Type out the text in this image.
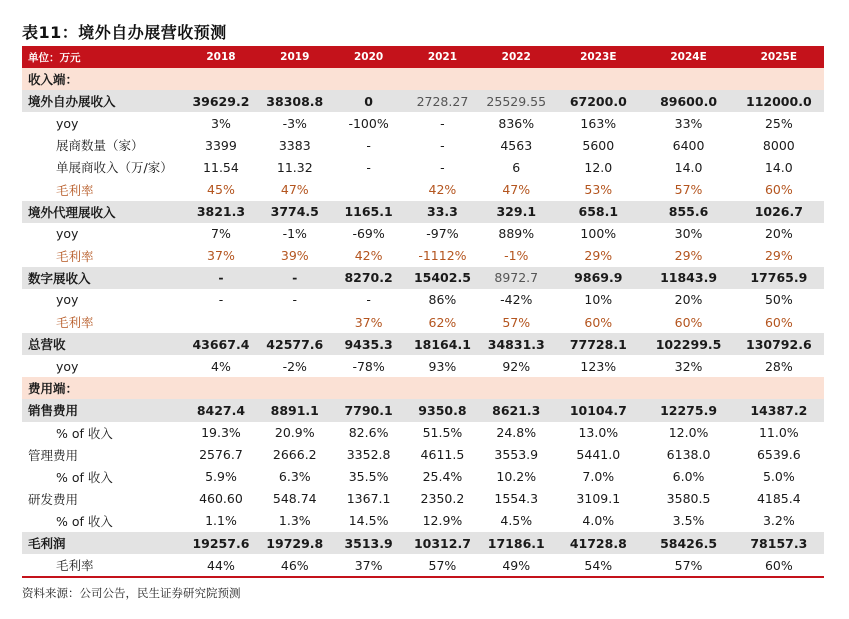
表11：境外自办展营收预测
单位：万元	2018	2019	2020	2021	2022	2023E	2024E	2025E
收入端：								
境外自办展收入	39629.2	38308.8	0	2728.27	25529.55	67200.0	89600.0	112000.0
yoy	3%	-3%	-100%	-	836%	163%	33%	25%
展商数量（家）	3399	3383	-	-	4563	5600	6400	8000
单展商收入（万/家）	11.54	11.32	-	-	6	12.0	14.0	14.0
毛利率	45%	47%		42%	47%	53%	57%	60%
境外代理展收入	3821.3	3774.5	1165.1	33.3	329.1	658.1	855.6	1026.7
yoy	7%	-1%	-69%	-97%	889%	100%	30%	20%
毛利率	37%	39%	42%	-1112%	-1%	29%	29%	29%
数字展收入	-	-	8270.2	15402.5	8972.7	9869.9	11843.9	17765.9
yoy	-	-	-	86%	-42%	10%	20%	50%
毛利率			37%	62%	57%	60%	60%	60%
总营收	43667.4	42577.6	9435.3	18164.1	34831.3	77728.1	102299.5	130792.6
yoy	4%	-2%	-78%	93%	92%	123%	32%	28%
费用端：								
销售费用	8427.4	8891.1	7790.1	9350.8	8621.3	10104.7	12275.9	14387.2
% of 收入	19.3%	20.9%	82.6%	51.5%	24.8%	13.0%	12.0%	11.0%
管理费用	2576.7	2666.2	3352.8	4611.5	3553.9	5441.0	6138.0	6539.6
% of 收入	5.9%	6.3%	35.5%	25.4%	10.2%	7.0%	6.0%	5.0%
研发费用	460.60	548.74	1367.1	2350.2	1554.3	3109.1	3580.5	4185.4
% of 收入	1.1%	1.3%	14.5%	12.9%	4.5%	4.0%	3.5%	3.2%
毛利润	19257.6	19729.8	3513.9	10312.7	17186.1	41728.8	58426.5	78157.3
毛利率	44%	46%	37%	57%	49%	54%	57%	60%
资料来源：公司公告，民生证券研究院预测
